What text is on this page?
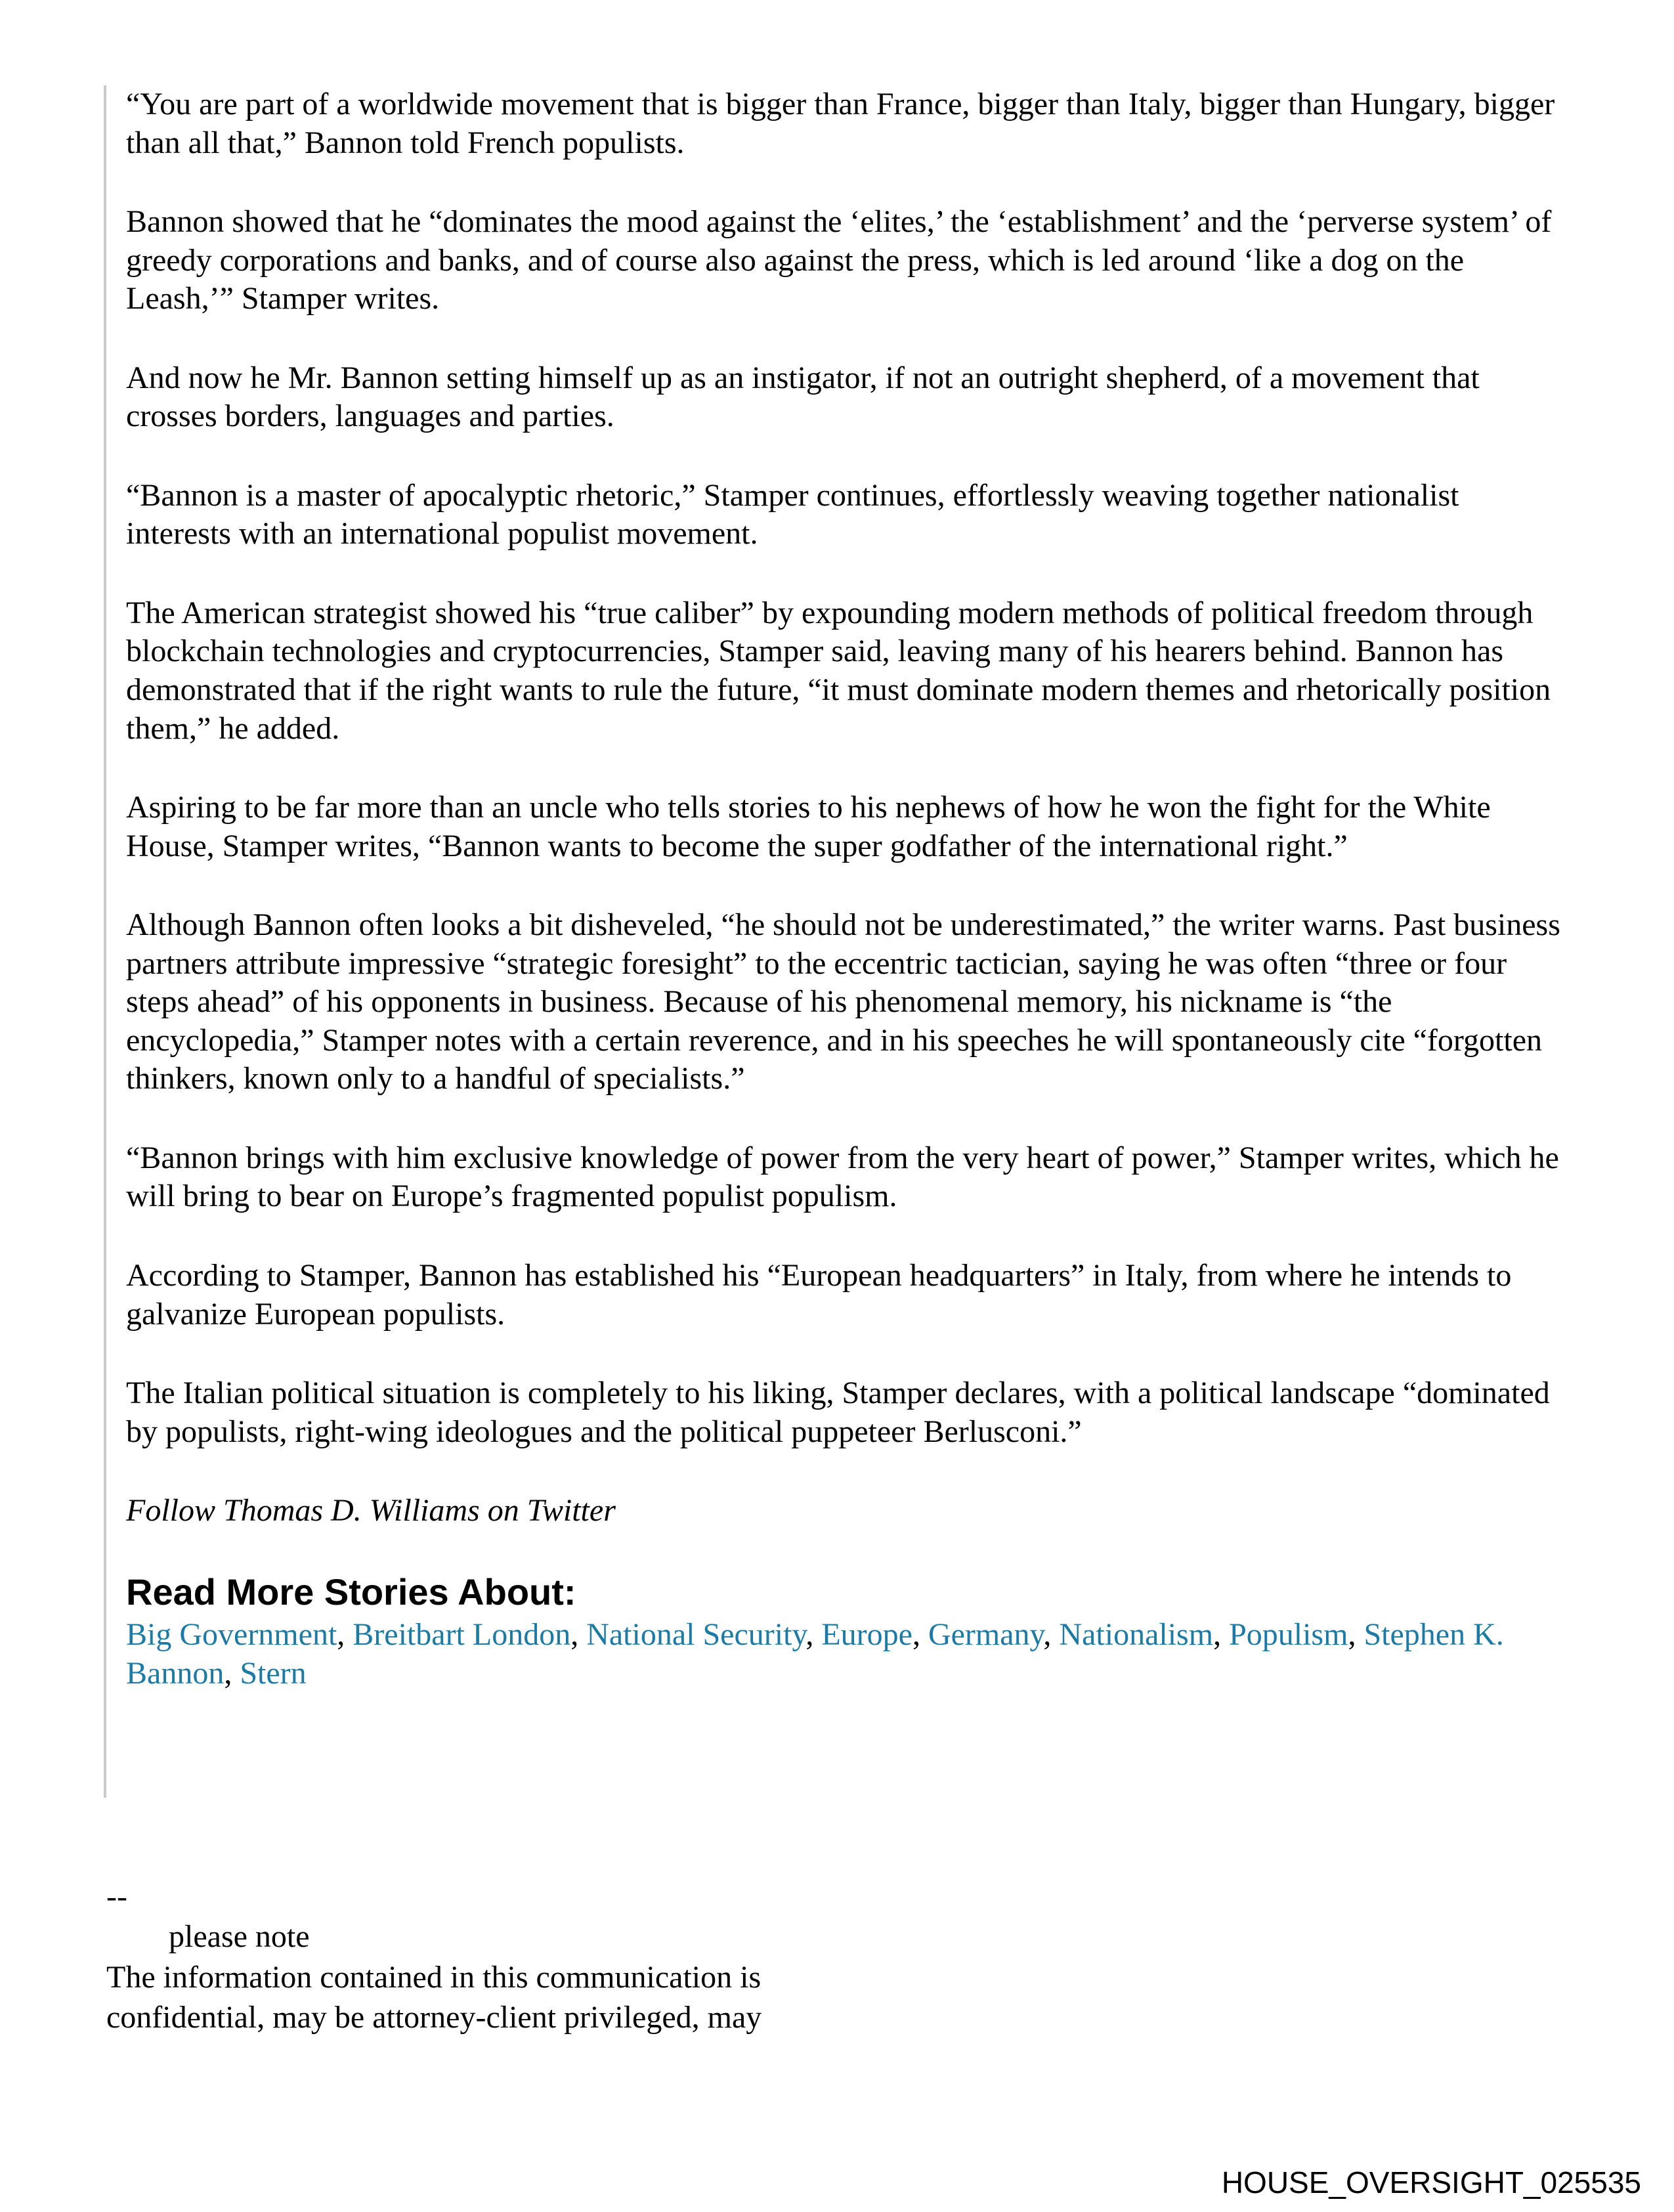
“You are part of a worldwide movement that is bigger than France, bigger than Italy, bigger than Hungary, bigger than all that,” Bannon told French populists.

Bannon showed that he “dominates the mood against the ‘elites,’ the ‘establishment’ and the ‘perverse system’ of greedy corporations and banks, and of course also against the press, which is led around ‘like a dog on the Leash,’” Stamper writes.

And now he Mr. Bannon setting himself up as an instigator, if not an outright shepherd, of a movement that crosses borders, languages and parties.

“Bannon is a master of apocalyptic rhetoric,” Stamper continues, effortlessly weaving together nationalist interests with an international populist movement.

The American strategist showed his “true caliber” by expounding modern methods of political freedom through blockchain technologies and cryptocurrencies, Stamper said, leaving many of his hearers behind. Bannon has demonstrated that if the right wants to rule the future, “it must dominate modern themes and rhetorically position them,” he added.

Aspiring to be far more than an uncle who tells stories to his nephews of how he won the fight for the White House, Stamper writes, “Bannon wants to become the super godfather of the international right.”

Although Bannon often looks a bit disheveled, “he should not be underestimated,” the writer warns. Past business partners attribute impressive “strategic foresight” to the eccentric tactician, saying he was often “three or four steps ahead” of his opponents in business. Because of his phenomenal memory, his nickname is “the encyclopedia,” Stamper notes with a certain reverence, and in his speeches he will spontaneously cite “forgotten thinkers, known only to a handful of specialists.”

“Bannon brings with him exclusive knowledge of power from the very heart of power,” Stamper writes, which he will bring to bear on Europe’s fragmented populist populism.

According to Stamper, Bannon has established his “European headquarters” in Italy, from where he intends to galvanize European populists.

The Italian political situation is completely to his liking, Stamper declares, with a political landscape “dominated by populists, right-wing ideologues and the political puppeteer Berlusconi.”

Follow Thomas D. Williams on Twitter

Read More Stories About:
Big Government, Breitbart London, National Security, Europe, Germany, Nationalism, Populism, Stephen K. Bannon, Stern

--

please note

The information contained in this communication is

confidential, may be attorney-client privileged, may

HOUSE_OVERSIGHT_025535
